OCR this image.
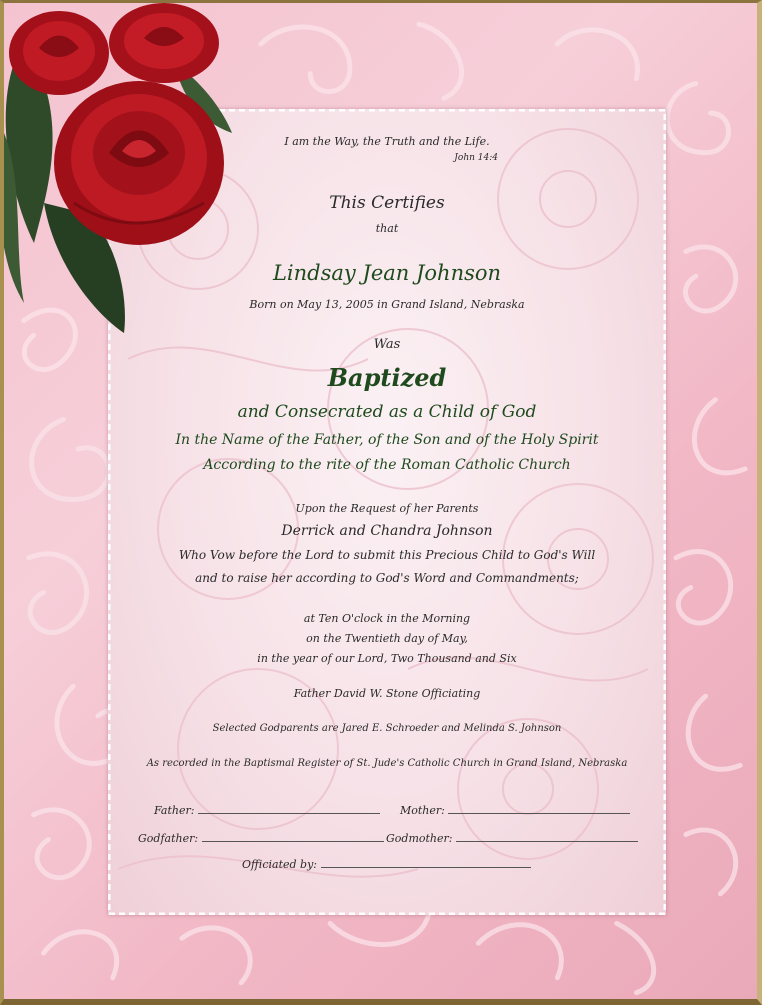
I am the Way, the Truth and the Life.
John 14:4
This Certifies
that
Lindsay Jean Johnson
Born on May 13, 2005 in Grand Island, Nebraska
Was
Baptized
and Consecrated as a Child of God
In the Name of the Father, of the Son and of the Holy Spirit
According to the rite of the Roman Catholic Church
Upon the Request of her Parents
Derrick and Chandra Johnson
Who Vow before the Lord to submit this Precious Child to God's Will
and to raise her according to God's Word and Commandments;
at Ten O'clock in the Morning
on the Twentieth day of May,
in the year of our Lord, Two Thousand and Six
Father David W. Stone Officiating
Selected Godparents are Jared E. Schroeder and Melinda S. Johnson
As recorded in the Baptismal Register of St. Jude's Catholic Church in Grand Island, Nebraska
Father:	Mother:
Godfather:	Godmother:
Officiated by:
